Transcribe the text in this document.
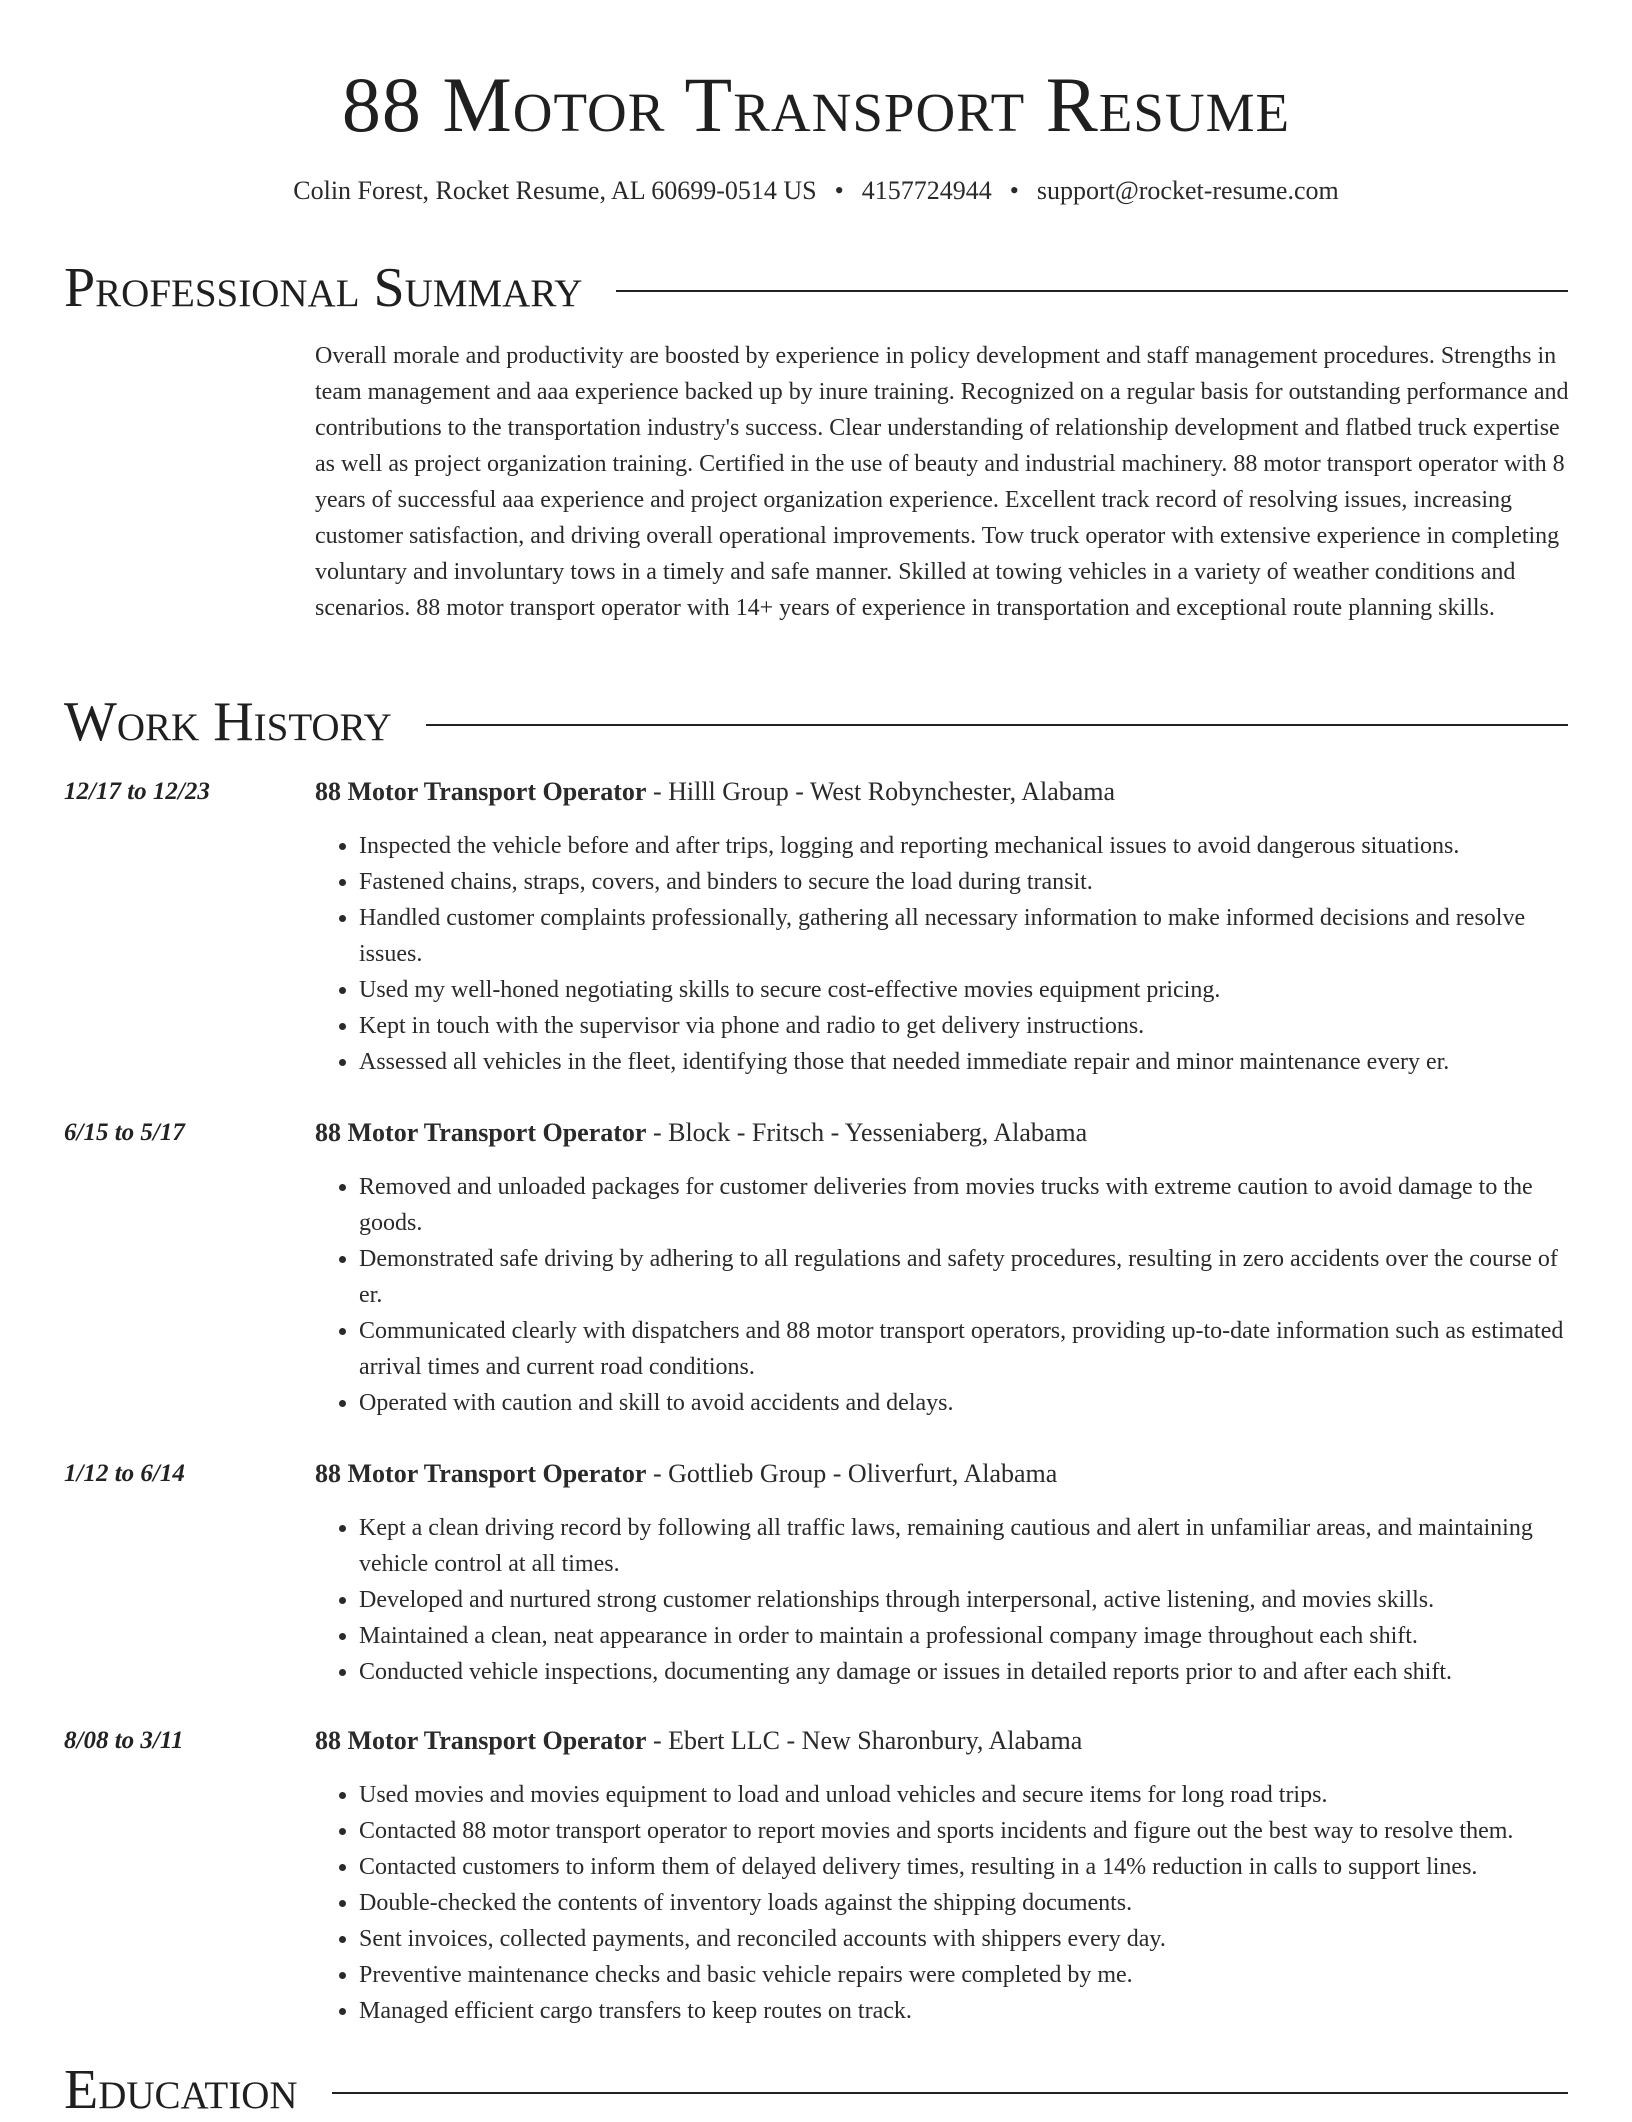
88 Motor Transport Resume
Colin Forest, Rocket Resume, AL 60699-0514 US • 4157724944 • support@rocket-resume.com
Professional Summary

Overall morale and productivity are boosted by experience in policy development and staff management procedures. Strengths in team management and aaa experience backed up by inure training. Recognized on a regular basis for outstanding performance and contributions to the transportation industry's success. Clear understanding of relationship development and flatbed truck expertise as well as project organization training. Certified in the use of beauty and industrial machinery. 88 motor transport operator with 8 years of successful aaa experience and project organization experience. Excellent track record of resolving issues, increasing customer satisfaction, and driving overall operational improvements. Tow truck operator with extensive experience in completing voluntary and involuntary tows in a timely and safe manner. Skilled at towing vehicles in a variety of weather conditions and scenarios. 88 motor transport operator with 14+ years of experience in transportation and exceptional route planning skills.

Work History
12/17 to 12/23	88 Motor Transport Operator - Hilll Group - West Robynchester, Alabama
• Inspected the vehicle before and after trips, logging and reporting mechanical issues to avoid dangerous situations.
• Fastened chains, straps, covers, and binders to secure the load during transit.
• Handled customer complaints professionally, gathering all necessary information to make informed decisions and resolve issues.
• Used my well-honed negotiating skills to secure cost-effective movies equipment pricing.
• Kept in touch with the supervisor via phone and radio to get delivery instructions.
• Assessed all vehicles in the fleet, identifying those that needed immediate repair and minor maintenance every er.
6/15 to 5/17	88 Motor Transport Operator - Block - Fritsch - Yesseniaberg, Alabama
• Removed and unloaded packages for customer deliveries from movies trucks with extreme caution to avoid damage to the goods.
• Demonstrated safe driving by adhering to all regulations and safety procedures, resulting in zero accidents over the course of er.
• Communicated clearly with dispatchers and 88 motor transport operators, providing up-to-date information such as estimated arrival times and current road conditions.
• Operated with caution and skill to avoid accidents and delays.
1/12 to 6/14	88 Motor Transport Operator - Gottlieb Group - Oliverfurt, Alabama
• Kept a clean driving record by following all traffic laws, remaining cautious and alert in unfamiliar areas, and maintaining vehicle control at all times.
• Developed and nurtured strong customer relationships through interpersonal, active listening, and movies skills.
• Maintained a clean, neat appearance in order to maintain a professional company image throughout each shift.
• Conducted vehicle inspections, documenting any damage or issues in detailed reports prior to and after each shift.
8/08 to 3/11	88 Motor Transport Operator - Ebert LLC - New Sharonbury, Alabama
• Used movies and movies equipment to load and unload vehicles and secure items for long road trips.
• Contacted 88 motor transport operator to report movies and sports incidents and figure out the best way to resolve them.
• Contacted customers to inform them of delayed delivery times, resulting in a 14% reduction in calls to support lines.
• Double-checked the contents of inventory loads against the shipping documents.
• Sent invoices, collected payments, and reconciled accounts with shippers every day.
• Preventive maintenance checks and basic vehicle repairs were completed by me.
• Managed efficient cargo transfers to keep routes on track.
Education
